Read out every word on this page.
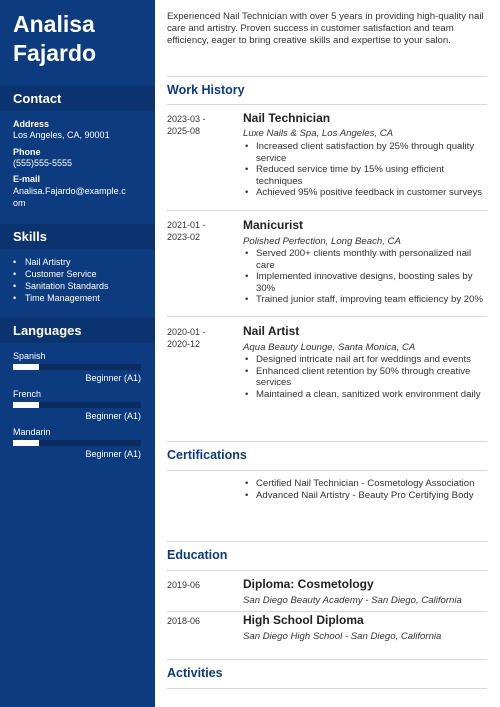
Analisa
Fajardo
Contact
Address
Los Angeles, CA, 90001
Phone
(555)555-5555
E-mail
Analisa.Fajardo@example.c
om
Skills
• Nail Artistry
• Customer Service
• Sanitation Standards
• Time Management
Languages
Spanish
Beginner (A1)
French
Beginner (A1)
Mandarin
Beginner (A1)

Experienced Nail Technician with over 5 years in providing high-quality nail care and artistry. Proven success in customer satisfaction and team efficiency, eager to bring creative skills and expertise to your salon.

Work History
2023-03 -
2025-08
Nail Technician
Luxe Nails & Spa, Los Angeles, CA
• Increased client satisfaction by 25% through quality service
• Reduced service time by 15% using efficient techniques
• Achieved 95% positive feedback in customer surveys
2021-01 -
2023-02
Manicurist
Polished Perfection, Long Beach, CA
• Served 200+ clients monthly with personalized nail care
• Implemented innovative designs, boosting sales by 30%
• Trained junior staff, improving team efficiency by 20%
2020-01 -
2020-12
Nail Artist
Aqua Beauty Lounge, Santa Monica, CA
• Designed intricate nail art for weddings and events
• Enhanced client retention by 50% through creative services
• Maintained a clean, sanitized work environment daily
Certifications
• Certified Nail Technician - Cosmetology Association
• Advanced Nail Artistry - Beauty Pro Certifying Body
Education
2019-06	Diploma: Cosmetology
San Diego Beauty Academy - San Diego, California
2018-06	High School Diploma
San Diego High School - San Diego, California
Activities
